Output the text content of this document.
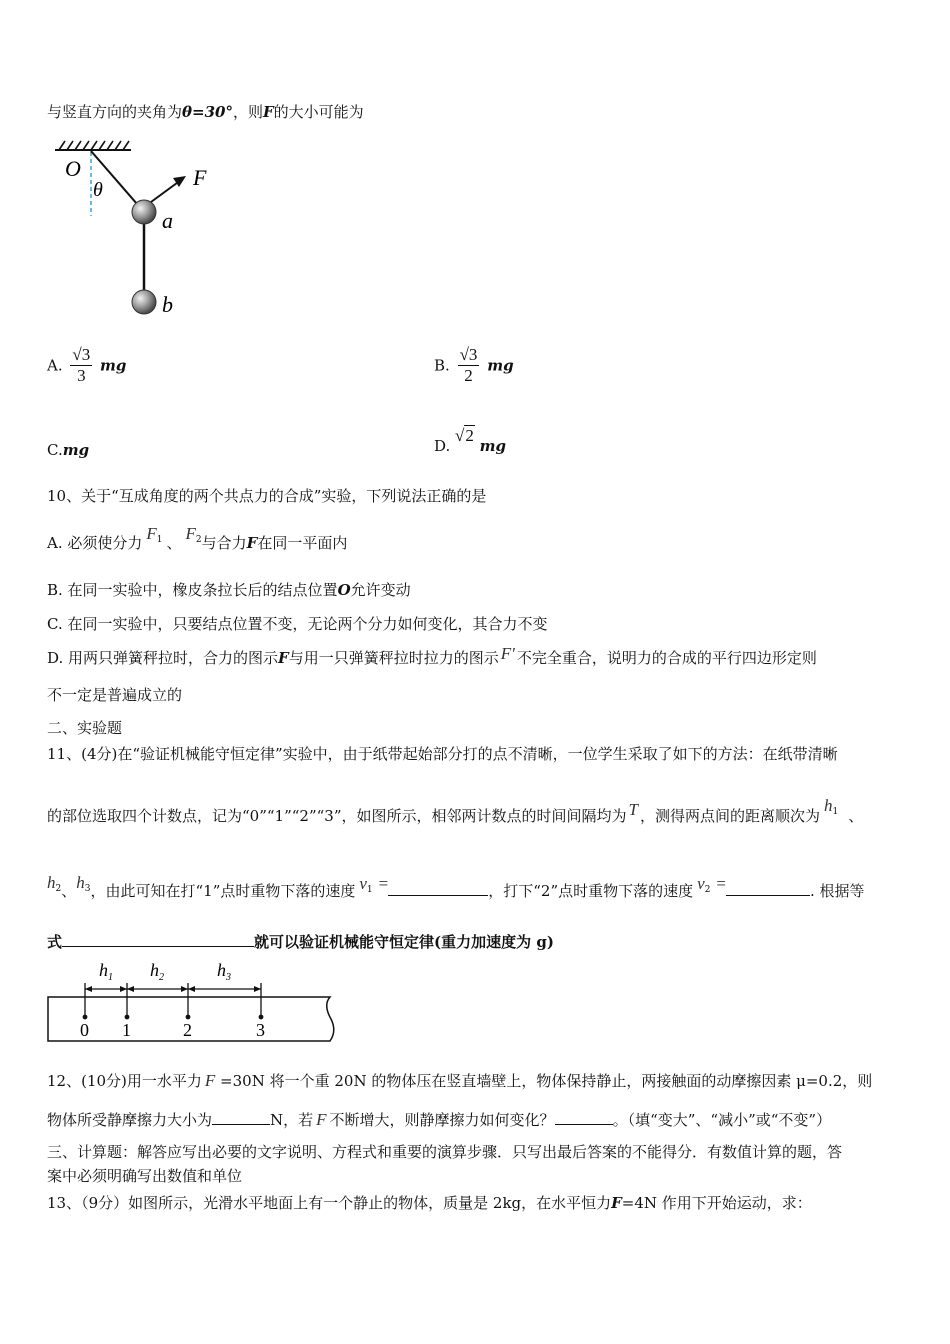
与竖直方向的夹角为θ=30°，则F的大小可能为
O
θ	F
a
b
A. $\frac{√3}{3}$ mg	B. $\frac{√3}{2}$ mg
C.mg	D. √2 mg
10、关于“互成角度的两个共点力的合成”实验，下列说法正确的是
A. 必须使分力 $F_1$ 、 $F_2$与合力F在同一平面内
B. 在同一实验中，橡皮条拉长后的结点位置O允许变动
C. 在同一实验中，只要结点位置不变，无论两个分力如何变化，其合力不变
D. 用两只弹簧秤拉时，合力的图示F与用一只弹簧秤拉时拉力的图示 F′ 不完全重合，说明力的合成的平行四边形定则
不一定是普遍成立的
二、实验题
11、(4分)在“验证机械能守恒定律”实验中，由于纸带起始部分打的点不清晰，一位学生采取了如下的方法：在纸带清晰
的部位选取四个计数点，记为“0”“1”“2”“3”，如图所示，相邻两计数点的时间间隔均为 T ，测得两点间的距离顺次为$h_1$ 、
$h_2$、$h_3$，由此可知在打“1”点时重物下落的速度 $v_1$ =	，打下“2”点时重物下落的速度 $v_2$ =	. 根据等
式	就可以验证机械能守恒定律(重力加速度为 g)
$h_1$ $h_2$	$h_3$
0 1	2	3
12、(10分)用一水平力 F =30N 将一个重 20N 的物体压在竖直墙壁上，物体保持静止，两接触面的动摩擦因素 μ=0.2，则
物体所受静摩擦力大小为	N，若 F 不断增大，则静摩擦力如何变化？	。（填“变大”、“减小”或“不变”）
三、计算题：解答应写出必要的文字说明、方程式和重要的演算步骤．只写出最后答案的不能得分．有数值计算的题，答
案中必须明确写出数值和单位
13、（9分）如图所示，光滑水平地面上有一个静止的物体，质量是 2kg，在水平恒力F=4N 作用下开始运动，求：
